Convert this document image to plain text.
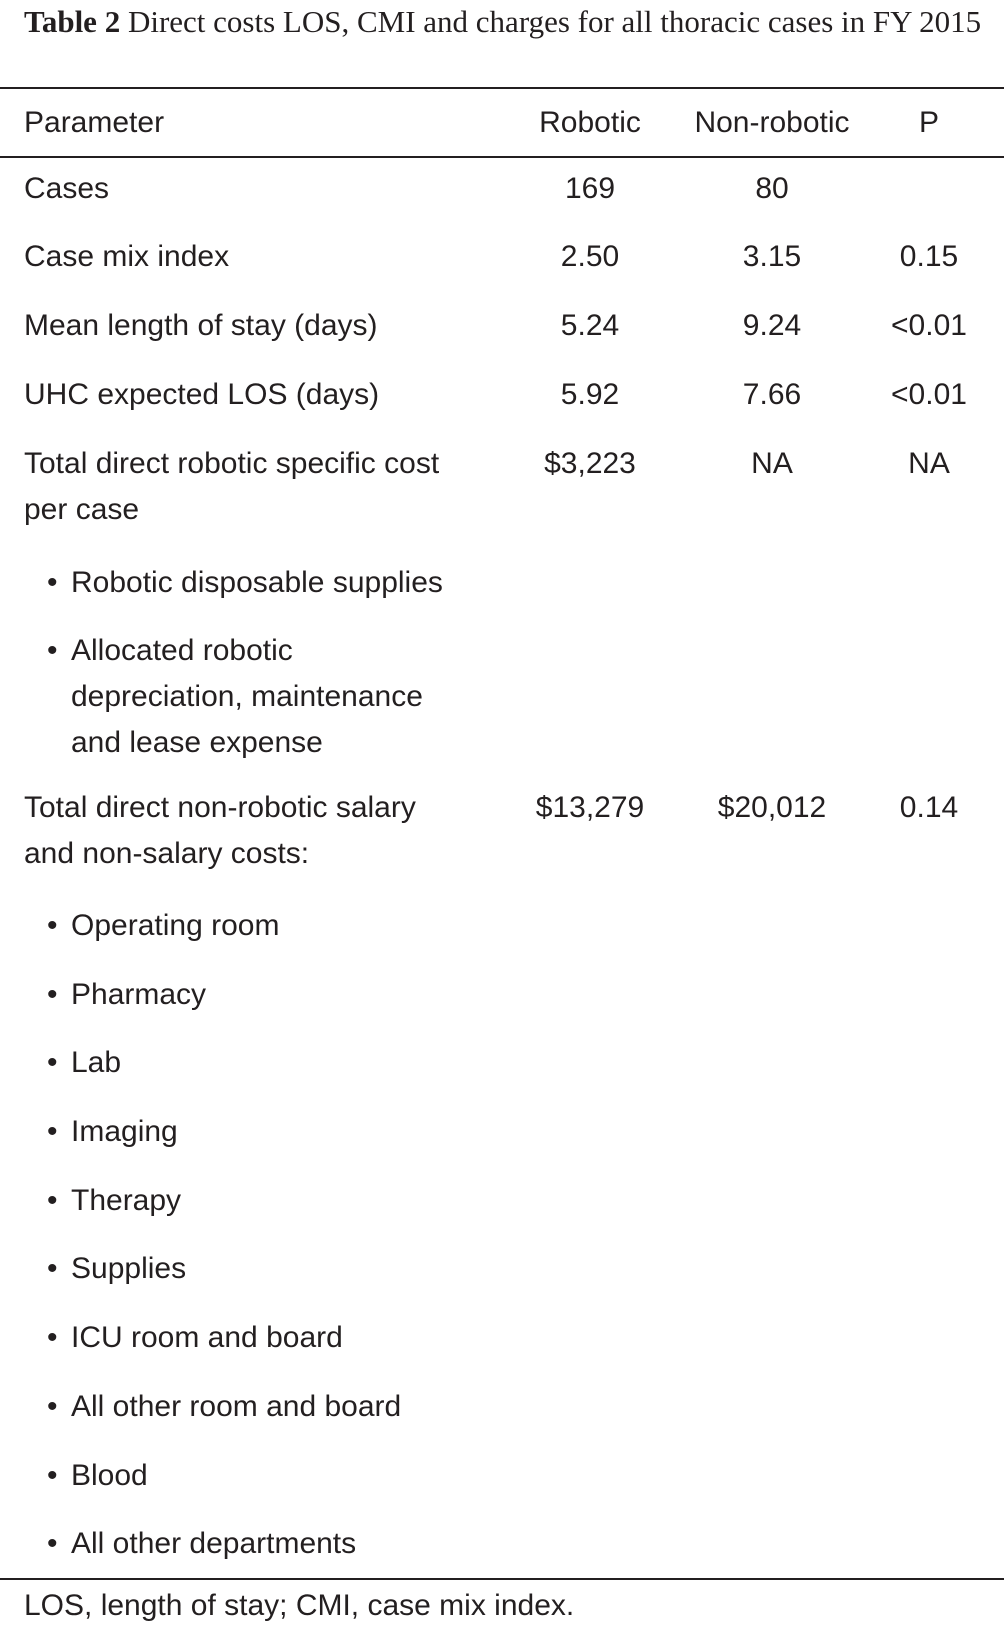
Table 2 Direct costs LOS, CMI and charges for all thoracic cases in FY 2015
Parameter	Robotic	Non-robotic	P
Cases	169	80
Case mix index	2.50	3.15	0.15
Mean length of stay (days)	5.24	9.24	<0.01
UHC expected LOS (days)	5.92	7.66	<0.01
Total direct robotic specific cost
per case
$3,223	NA	NA
• Robotic disposable supplies
• Allocated robotic
depreciation, maintenance
and lease expense
Total direct non-robotic salary
and non-salary costs:
$13,279	$20,012	0.14
• Operating room
• Pharmacy
• Lab
• Imaging
• Therapy
• Supplies
• ICU room and board
• All other room and board
• Blood
• All other departments
LOS, length of stay; CMI, case mix index.
